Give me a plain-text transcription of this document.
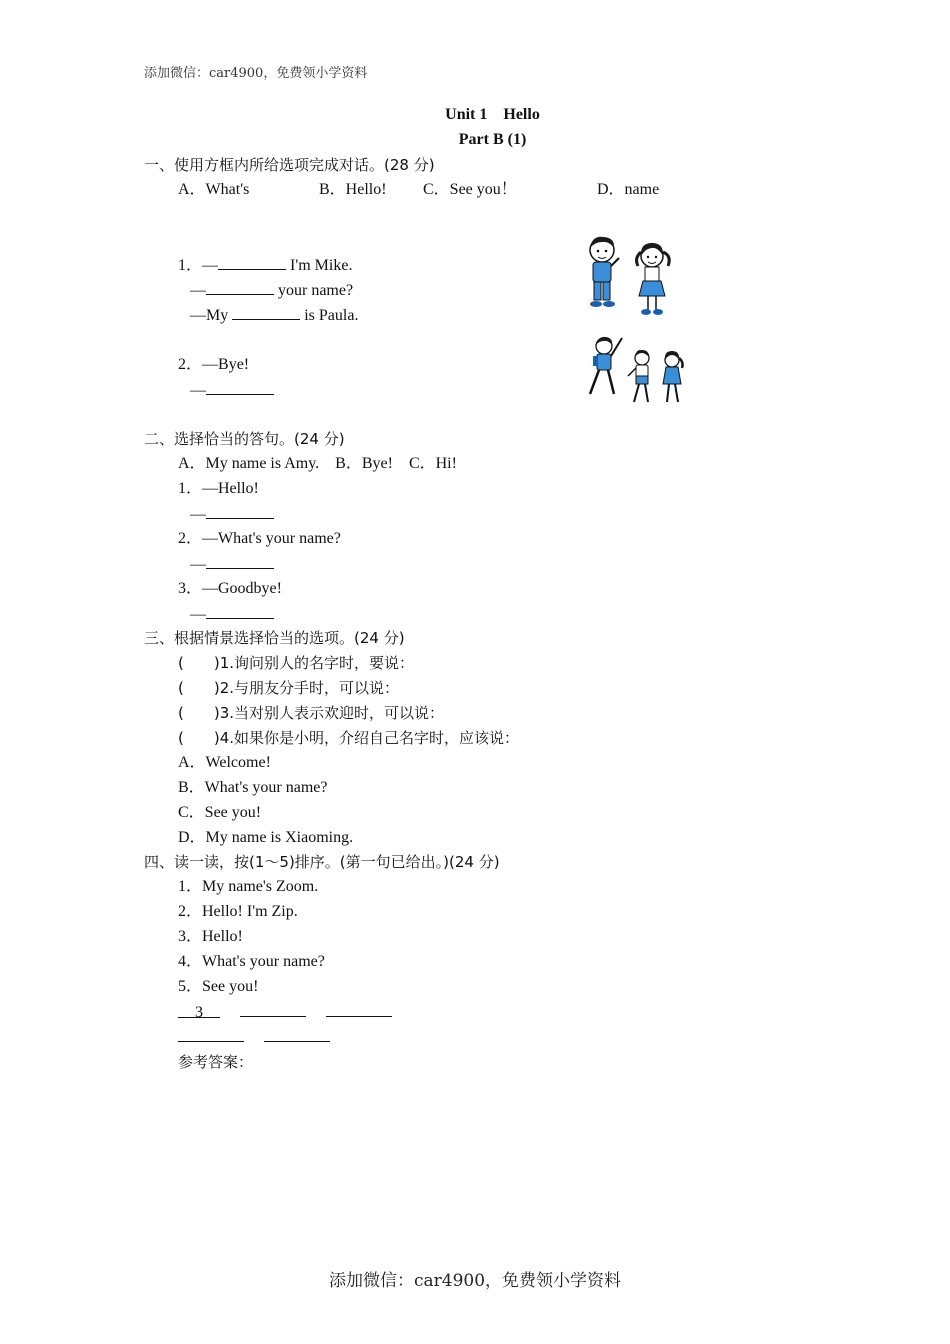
添加微信：car4900，免费领小学资料
Unit 1　Hello
Part B (1)
一、使用方框内所给选项完成对话。(28 分)
A．What's	B．Hello! C．See you！	D．name
1．—	I'm Mike.
—	your name?
—My	is Paula.
2．—Bye!
—
二、选择恰当的答句。(24 分)
A．My name is Amy.　B．Bye!　C．Hi!
1．—Hello!
—
2．—What's your name?
—
3．—Goodbye!
—
三、根据情景选择恰当的选项。(24 分)
(　　)1.询问别人的名字时，要说：
(　　)2.与朋友分手时，可以说：
(　　)3.当对别人表示欢迎时，可以说：
(　　)4.如果你是小明，介绍自己名字时，应该说：
A．Welcome!
B．What's your name?
C．See you!
D．My name is Xiaoming.
四、读一读，按(1～5)排序。(第一句已给出。)(24 分)
1．My name's Zoom.
2．Hello! I'm Zip.
3．Hello!
4．What's your name?
5．See you!
3

参考答案：
添加微信：car4900，免费领小学资料
